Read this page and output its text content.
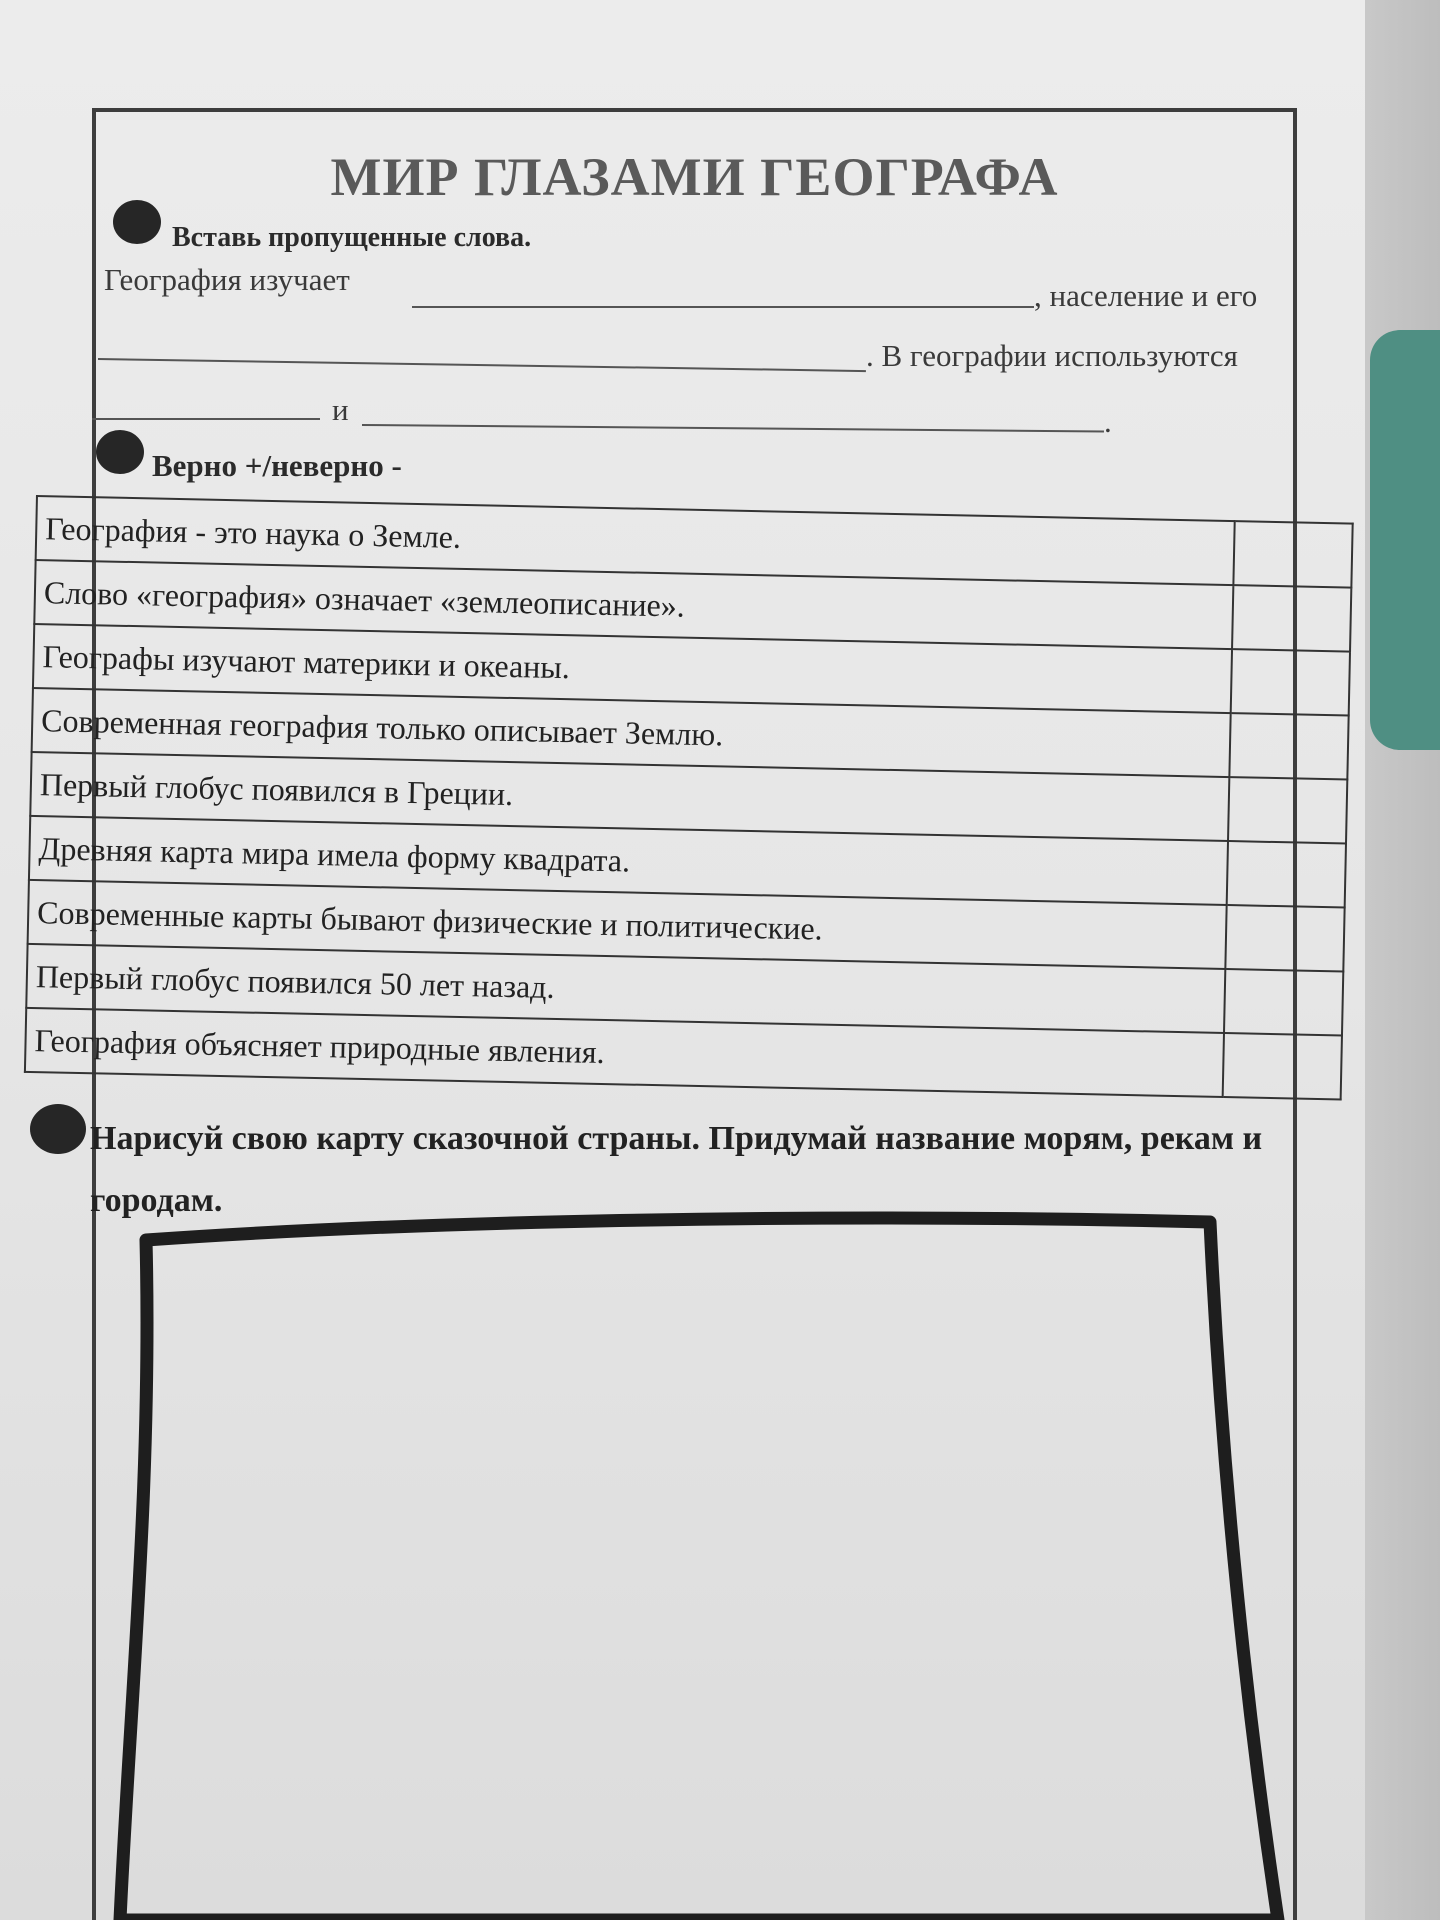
МИР ГЛАЗАМИ ГЕОГРАФА

Вставь пропущенные слова.

География изучает	, население и его
. В географии используются
и	.

Верно +/неверно -

География - это наука о Земле.	
Слово «география» означает «землеописание».	
Географы изучают материки и океаны.	
Современная география только описывает Землю.	
Первый глобус появился в Греции.	
Древняя карта мира имела форму квадрата.	
Современные карты бывают физические и политические.	
Первый глобус появился 50 лет назад.	
География объясняет природные явления.	

Нарисуй свою карту сказочной страны. Придумай название морям, рекам и городам.
